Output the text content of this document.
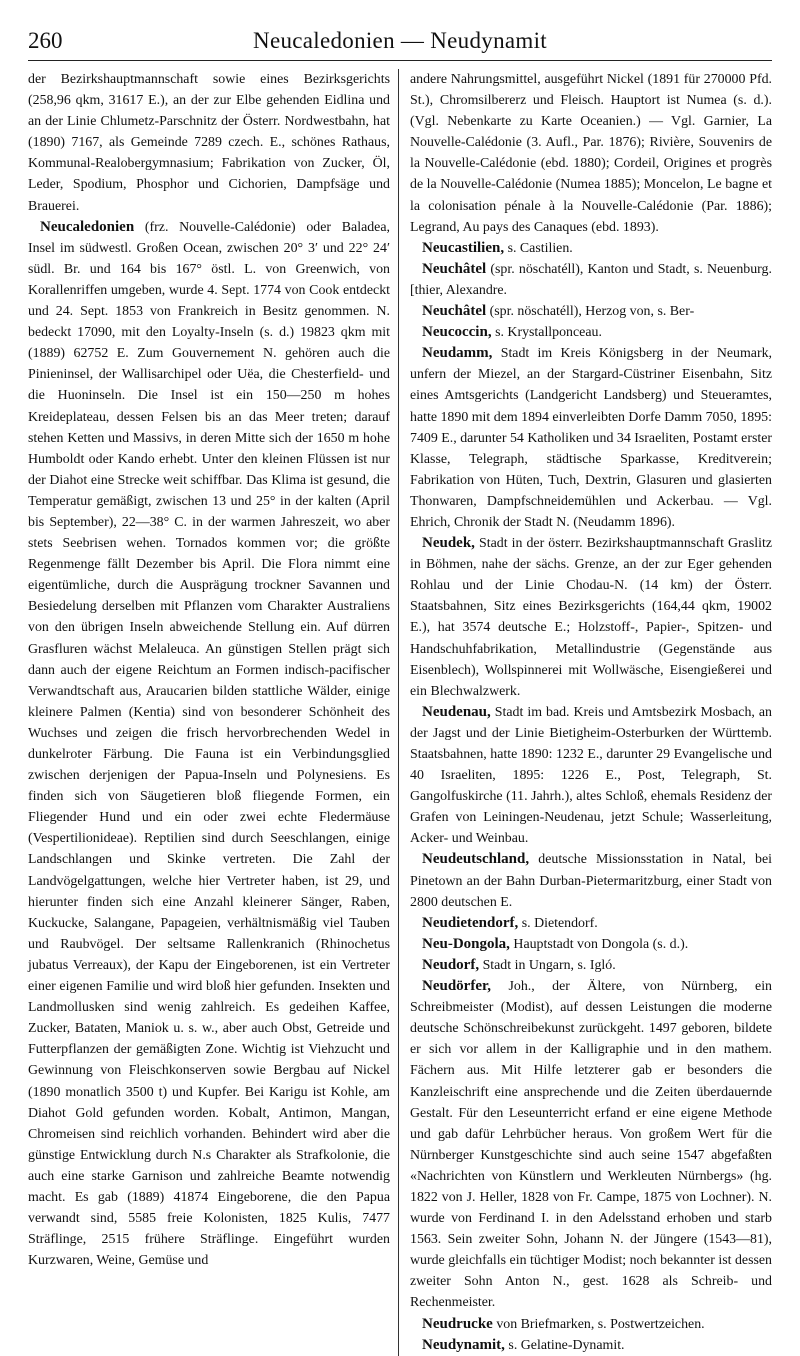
260	Neucaledonien — Neudynamit

der Bezirkshauptmannschaft sowie eines Bezirksgerichts (258,96 qkm, 31617 E.), an der zur Elbe gehenden Eidlina und an der Linie Chlumetz-Parschnitz der Österr. Nordwestbahn, hat (1890) 7167, als Gemeinde 7289 czech. E., schönes Rathaus, Kommunal-Realobergymnasium; Fabrikation von Zucker, Öl, Leder, Spodium, Phosphor und Cichorien, Dampfsäge und Brauerei.

Neucaledonien (frz. Nouvelle-Calédonie) oder Baladea, Insel im südwestl. Großen Ocean, zwischen 20° 3′ und 22° 24′ südl. Br. und 164 bis 167° östl. L. von Greenwich, von Korallenriffen umgeben, wurde 4. Sept. 1774 von Cook entdeckt und 24. Sept. 1853 von Frankreich in Besitz genommen. N. bedeckt 17090, mit den Loyalty-Inseln (s. d.) 19823 qkm mit (1889) 62752 E. Zum Gouvernement N. gehören auch die Pinieninsel, der Wallisarchipel oder Uëa, die Chesterfield- und die Huoninseln. Die Insel ist ein 150—250 m hohes Kreideplateau, dessen Felsen bis an das Meer treten; darauf stehen Ketten und Massivs, in deren Mitte sich der 1650 m hohe Humboldt oder Kando erhebt. Unter den kleinen Flüssen ist nur der Diahot eine Strecke weit schiffbar. Das Klima ist gesund, die Temperatur gemäßigt, zwischen 13 und 25° in der kalten (April bis September), 22—38° C. in der warmen Jahreszeit, wo aber stets Seebrisen wehen. Tornados kommen vor; die größte Regenmenge fällt Dezember bis April. Die Flora nimmt eine eigentümliche, durch die Ausprägung trockner Savannen und Besiedelung derselben mit Pflanzen vom Charakter Australiens von den übrigen Inseln abweichende Stellung ein. Auf dürren Grasfluren wächst Melaleuca. An günstigen Stellen prägt sich dann auch der eigene Reichtum an Formen indisch-pacifischer Verwandtschaft aus, Araucarien bilden stattliche Wälder, einige kleinere Palmen (Kentia) sind von besonderer Schönheit des Wuchses und zeigen die frisch hervorbrechenden Wedel in dunkelroter Färbung. Die Fauna ist ein Verbindungsglied zwischen derjenigen der Papua-Inseln und Polynesiens. Es finden sich von Säugetieren bloß fliegende Formen, ein Fliegender Hund und ein oder zwei echte Fledermäuse (Vespertilionideae). Reptilien sind durch Seeschlangen, einige Landschlangen und Skinke vertreten. Die Zahl der Landvögelgattungen, welche hier Vertreter haben, ist 29, und hierunter finden sich eine Anzahl kleinerer Sänger, Raben, Kuckucke, Salangane, Papageien, verhältnismäßig viel Tauben und Raubvögel. Der seltsame Rallenkranich (Rhinochetus jubatus Verreaux), der Kapu der Eingeborenen, ist ein Vertreter einer eigenen Familie und wird bloß hier gefunden. Insekten und Landmollusken sind wenig zahlreich. Es gedeihen Kaffee, Zucker, Bataten, Maniok u. s. w., aber auch Obst, Getreide und Futterpflanzen der gemäßigten Zone. Wichtig ist Viehzucht und Gewinnung von Fleischkonserven sowie Bergbau auf Nickel (1890 monatlich 3500 t) und Kupfer. Bei Karigu ist Kohle, am Diahot Gold gefunden worden. Kobalt, Antimon, Mangan, Chromeisen sind reichlich vorhanden. Behindert wird aber die günstige Entwicklung durch N.s Charakter als Strafkolonie, die auch eine starke Garnison und zahlreiche Beamte notwendig macht. Es gab (1889) 41874 Eingeborene, die den Papua verwandt sind, 5585 freie Kolonisten, 1825 Kulis, 7477 Sträflinge, 2515 frühere Sträflinge. Eingeführt wurden Kurzwaren, Weine, Gemüse und

andere Nahrungsmittel, ausgeführt Nickel (1891 für 270000 Pfd. St.), Chromsilbererz und Fleisch. Hauptort ist Numea (s. d.). (Vgl. Nebenkarte zu Karte Oceanien.) — Vgl. Garnier, La Nouvelle-Calédonie (3. Aufl., Par. 1876); Rivière, Souvenirs de la Nouvelle-Calédonie (ebd. 1880); Cordeil, Origines et progrès de la Nouvelle-Calédonie (Numea 1885); Moncelon, Le bagne et la colonisation pénale à la Nouvelle-Calédonie (Par. 1886); Legrand, Au pays des Canaques (ebd. 1893).

Neucastilien, s. Castilien.

Neuchâtel (spr. nöschatéll), Kanton und Stadt, s. Neuenburg. [thier, Alexandre.

Neuchâtel (spr. nöschatéll), Herzog von, s. Ber-

Neucoccin, s. Krystallponceau.

Neudamm, Stadt im Kreis Königsberg in der Neumark, unfern der Miezel, an der Stargard-Cüstriner Eisenbahn, Sitz eines Amtsgerichts (Landgericht Landsberg) und Steueramtes, hatte 1890 mit dem 1894 einverleibten Dorfe Damm 7050, 1895: 7409 E., darunter 54 Katholiken und 34 Israeliten, Postamt erster Klasse, Telegraph, städtische Sparkasse, Kreditverein; Fabrikation von Hüten, Tuch, Dextrin, Glasuren und glasierten Thonwaren, Dampfschneidemühlen und Ackerbau. — Vgl. Ehrich, Chronik der Stadt N. (Neudamm 1896).

Neudek, Stadt in der österr. Bezirkshauptmannschaft Graslitz in Böhmen, nahe der sächs. Grenze, an der zur Eger gehenden Rohlau und der Linie Chodau-N. (14 km) der Österr. Staatsbahnen, Sitz eines Bezirksgerichts (164,44 qkm, 19002 E.), hat 3574 deutsche E.; Holzstoff-, Papier-, Spitzen- und Handschuhfabrikation, Metallindustrie (Gegenstände aus Eisenblech), Wollspinnerei mit Wollwäsche, Eisengießerei und ein Blechwalzwerk.

Neudenau, Stadt im bad. Kreis und Amtsbezirk Mosbach, an der Jagst und der Linie Bietigheim-Osterburken der Württemb. Staatsbahnen, hatte 1890: 1232 E., darunter 29 Evangelische und 40 Israeliten, 1895: 1226 E., Post, Telegraph, St. Gangolfuskirche (11. Jahrh.), altes Schloß, ehemals Residenz der Grafen von Leiningen-Neudenau, jetzt Schule; Wasserleitung, Acker- und Weinbau.

Neudeutschland, deutsche Missionsstation in Natal, bei Pinetown an der Bahn Durban-Pietermaritzburg, einer Stadt von 2800 deutschen E.

Neudietendorf, s. Dietendorf.

Neu-Dongola, Hauptstadt von Dongola (s. d.).

Neudorf, Stadt in Ungarn, s. Igló.

Neudörfer, Joh., der Ältere, von Nürnberg, ein Schreibmeister (Modist), auf dessen Leistungen die moderne deutsche Schönschreibekunst zurückgeht. 1497 geboren, bildete er sich vor allem in der Kalligraphie und in den mathem. Fächern aus. Mit Hilfe letzterer gab er besonders die Kanzleischrift eine ansprechende und die Zeiten überdauernde Gestalt. Für den Leseunterricht erfand er eine eigene Methode und gab dafür Lehrbücher heraus. Von großem Wert für die Nürnberger Kunstgeschichte sind auch seine 1547 abgefaßten «Nachrichten von Künstlern und Werkleuten Nürnbergs» (hg. 1822 von J. Heller, 1828 von Fr. Campe, 1875 von Lochner). N. wurde von Ferdinand I. in den Adelsstand erhoben und starb 1563. Sein zweiter Sohn, Johann N. der Jüngere (1543—81), wurde gleichfalls ein tüchtiger Modist; noch bekannter ist dessen zweiter Sohn Anton N., gest. 1628 als Schreib- und Rechenmeister.

Neudrucke von Briefmarken, s. Postwertzeichen.

Neudynamit, s. Gelatine-Dynamit.
